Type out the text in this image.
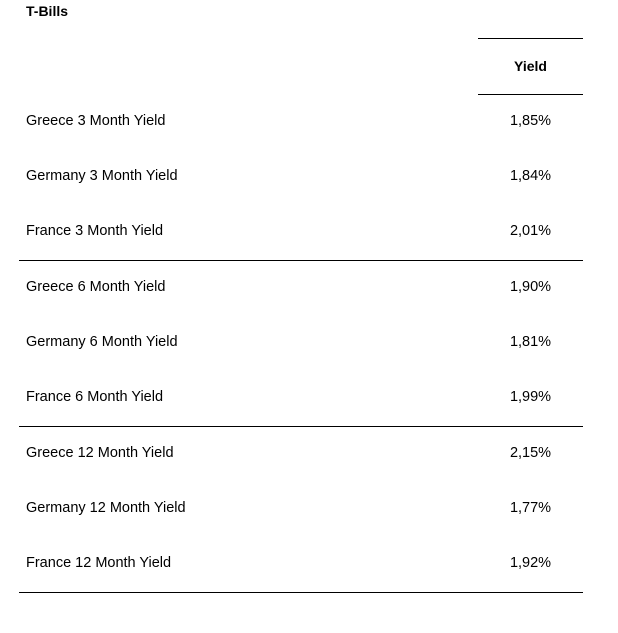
T-Bills
Yield
Greece 3 Month Yield	1,85%
Germany 3 Month Yield	1,84%
France 3 Month Yield	2,01%
Greece 6 Month Yield	1,90%
Germany 6 Month Yield	1,81%
France 6 Month Yield	1,99%
Greece 12 Month Yield	2,15%
Germany 12 Month Yield	1,77%
France 12 Month Yield	1,92%
